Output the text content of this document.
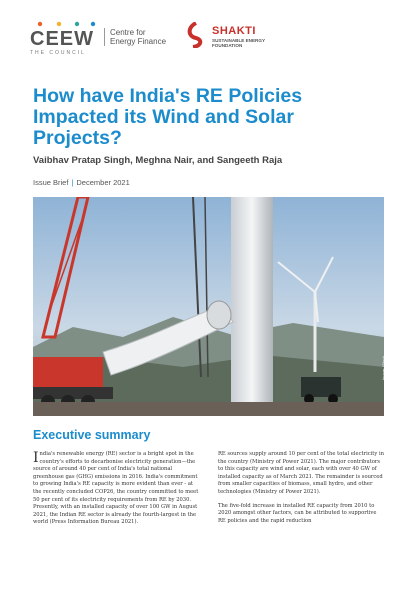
CEEW
THE COUNCIL
Centre for
Energy Finance
SHAKTI
SUSTAINABLE ENERGY
FOUNDATION
How have India's RE Policies Impacted its Wind and Solar Projects?
Vaibhav Pratap Singh, Meghna Nair, and Sangeeth Raja
Issue Brief | December 2021
Image: iStock
Executive summary

India's renewable energy (RE) sector is a bright spot in the country's efforts to decarbonise electricity generation—the source of around 40 per cent of India's total national greenhouse gas (GHG) emissions in 2016. India's commitment to growing India's RE capacity is more evident than ever - at the recently concluded COP26, the country committed to meet 50 per cent of its electricity requirements from RE by 2030. Presently, with an installed capacity of over 100 GW in August 2021, the Indian RE sector is already the fourth-largest in the world (Press Information Bureau 2021).

RE sources supply around 10 per cent of the total electricity in the country (Ministry of Power 2021). The major contributors to this capacity are wind and solar, each with over 40 GW of installed capacity as of March 2021. The remainder is sourced from smaller capacities of biomass, small hydro, and other technologies (Ministry of Power 2021).

The five-fold increase in installed RE capacity from 2010 to 2020 amongst other factors, can be attributed to supportive RE policies and the rapid reduction
